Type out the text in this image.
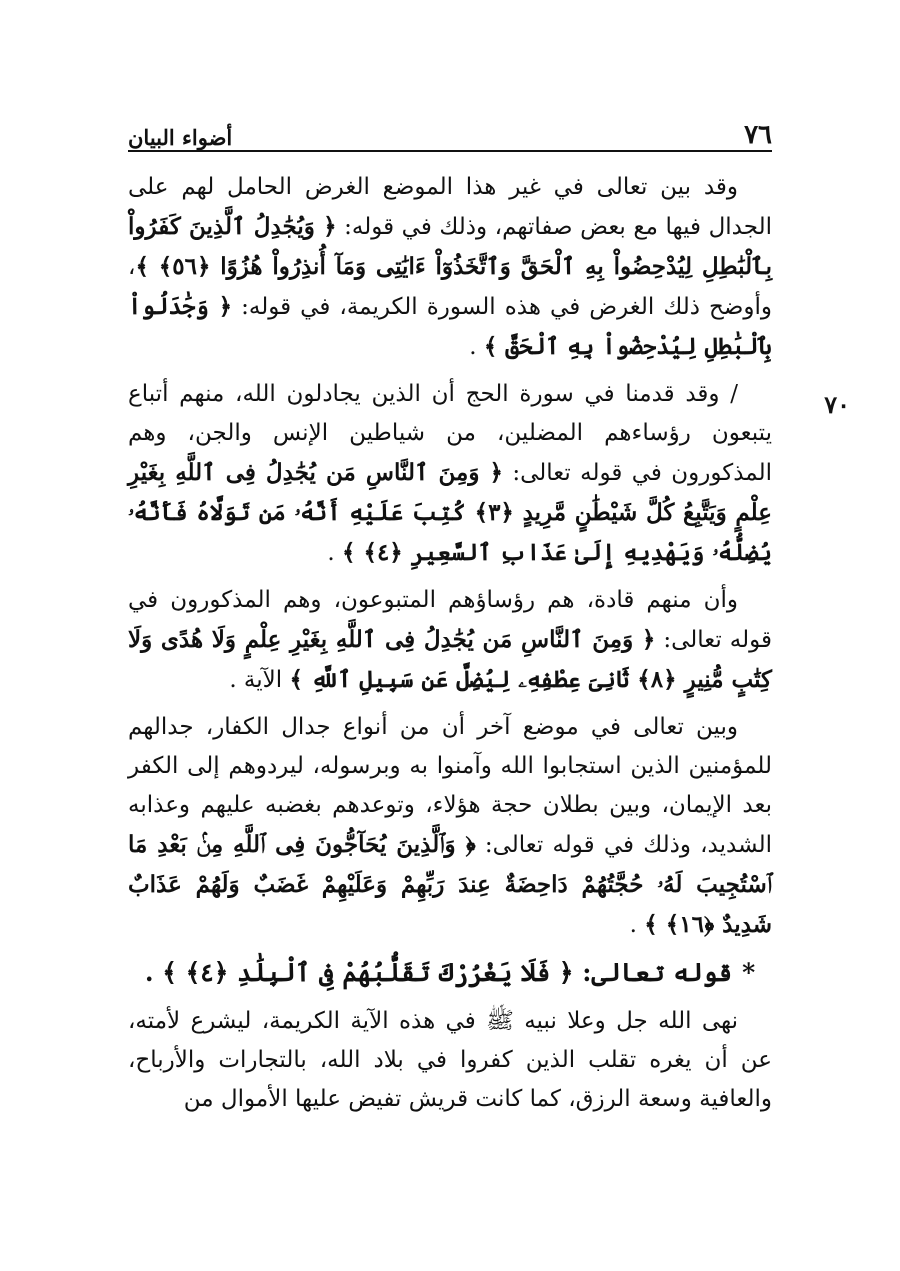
٧٦
أضواء البيان
٧٠

وقد بين تعالى في غير هذا الموضع الغرض الحامل لهم على الجدال فيها مع بعض صفاتهم، وذلك في قوله: ﴿ وَيُجَٰدِلُ ٱلَّذِينَ كَفَرُواْ بِٱلْبَٰطِلِ لِيُدْحِضُواْ بِهِ ٱلْحَقَّ وَٱتَّخَذُوٓاْ ءَايَٰتِى وَمَآ أُنذِرُواْ هُزُوًا ﴿٥٦﴾ ﴾، وأوضح ذلك الغرض في هذه السورة الكريمة، في قوله: ﴿ وَجَٰدَلُواْ بِٱلْبَٰطِلِ لِيُدْحِضُواْ بِهِ ٱلْحَقَّ ﴾ .

/ وقد قدمنا في سورة الحج أن الذين يجادلون الله، منهم أتباع يتبعون رؤساءهم المضلين، من شياطين الإنس والجن، وهم المذكورون في قوله تعالى: ﴿ وَمِنَ ٱلنَّاسِ مَن يُجَٰدِلُ فِى ٱللَّهِ بِغَيْرِ عِلْمٍ وَيَتَّبِعُ كُلَّ شَيْطَٰنٍ مَّرِيدٍ ﴿٣﴾ كُتِبَ عَلَيْهِ أَنَّهُۥ مَن تَوَلَّاهُ فَأَنَّهُۥ يُضِلُّهُۥ وَيَهْدِيهِ إِلَىٰ عَذَابِ ٱلسَّعِيرِ ﴿٤﴾ ﴾ .

وأن منهم قادة، هم رؤساؤهم المتبوعون، وهم المذكورون في قوله تعالى: ﴿ وَمِنَ ٱلنَّاسِ مَن يُجَٰدِلُ فِى ٱللَّهِ بِغَيْرِ عِلْمٍ وَلَا هُدًى وَلَا كِتَٰبٍ مُّنِيرٍ ﴿٨﴾ ثَانِىَ عِطْفِهِۦ لِيُضِلَّ عَن سَبِيلِ ٱللَّهِ ﴾ الآية .

وبين تعالى في موضع آخر أن من أنواع جدال الكفار، جدالهم للمؤمنين الذين استجابوا الله وآمنوا به وبرسوله، ليردوهم إلى الكفر بعد الإيمان، وبين بطلان حجة هؤلاء، وتوعدهم بغضبه عليهم وعذابه الشديد، وذلك في قوله تعالى: ﴿ وَٱلَّذِينَ يُحَآجُّونَ فِى ٱللَّهِ مِنۢ بَعْدِ مَا ٱسْتُجِيبَ لَهُۥ حُجَّتُهُمْ دَاحِضَةٌ عِندَ رَبِّهِمْ وَعَلَيْهِمْ غَضَبٌ وَلَهُمْ عَذَابٌ شَدِيدٌ ﴿١٦﴾ ﴾ .

*قوله تعالى: ﴿ فَلَا يَغْرُرْكَ تَقَلُّبُهُمْ فِى ٱلْبِلَٰدِ ﴿٤﴾ ﴾ .

نهى الله جل وعلا نبيه ﷺ في هذه الآية الكريمة، ليشرع لأمته، عن أن يغره تقلب الذين كفروا في بلاد الله، بالتجارات والأرباح، والعافية وسعة الرزق، كما كانت قريش تفيض عليها الأموال من
